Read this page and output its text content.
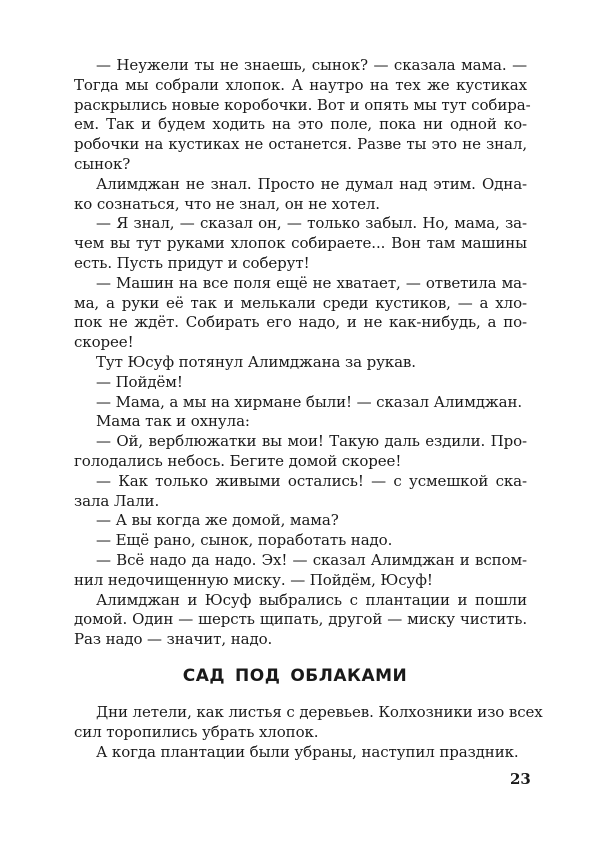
— Неужели ты не знаешь, сынок? — сказала мама. —
Тогда мы собрали хлопок. А наутро на тех же кустиках
раскрылись новые коробочки. Вот и опять мы тут собира-
ем. Так и будем ходить на это поле, пока ни одной ко-
робочки на кустиках не останется. Разве ты это не знал,
сынок?
Алимджан не знал. Просто не думал над этим. Одна-
ко сознаться, что не знал, он не хотел.
— Я знал, — сказал он, — только забыл. Но, мама, за-
чем вы тут руками хлопок собираете... Вон там машины
есть. Пусть придут и соберут!
— Машин на все поля ещё не хватает, — ответила ма-
ма, а руки её так и мелькали среди кустиков, — а хло-
пок не ждёт. Собирать его надо, и не как-нибудь, а по-
скорее!
Тут Юсуф потянул Алимджана за рукав.
— Пойдём!
— Мама, а мы на хирмане были! — сказал Алимджан.
Мама так и охнула:
— Ой, верблюжатки вы мои! Такую даль ездили. Про-
голодались небось. Бегите домой скорее!
— Как только живыми остались! — с усмешкой ска-
зала Лали.
— А вы когда же домой, мама?
— Ещё рано, сынок, поработать надо.
— Всё надо да надо. Эх! — сказал Алимджан и вспом-
нил недочищенную миску. — Пойдём, Юсуф!
Алимджан и Юсуф выбрались с плантации и пошли
домой. Один — шерсть щипать, другой — миску чистить.
Раз надо — значит, надо.
САД ПОД ОБЛАКАМИ
Дни летели, как листья с деревьев. Колхозники изо всех
сил торопились убрать хлопок.
А когда плантации были убраны, наступил праздник.
23
